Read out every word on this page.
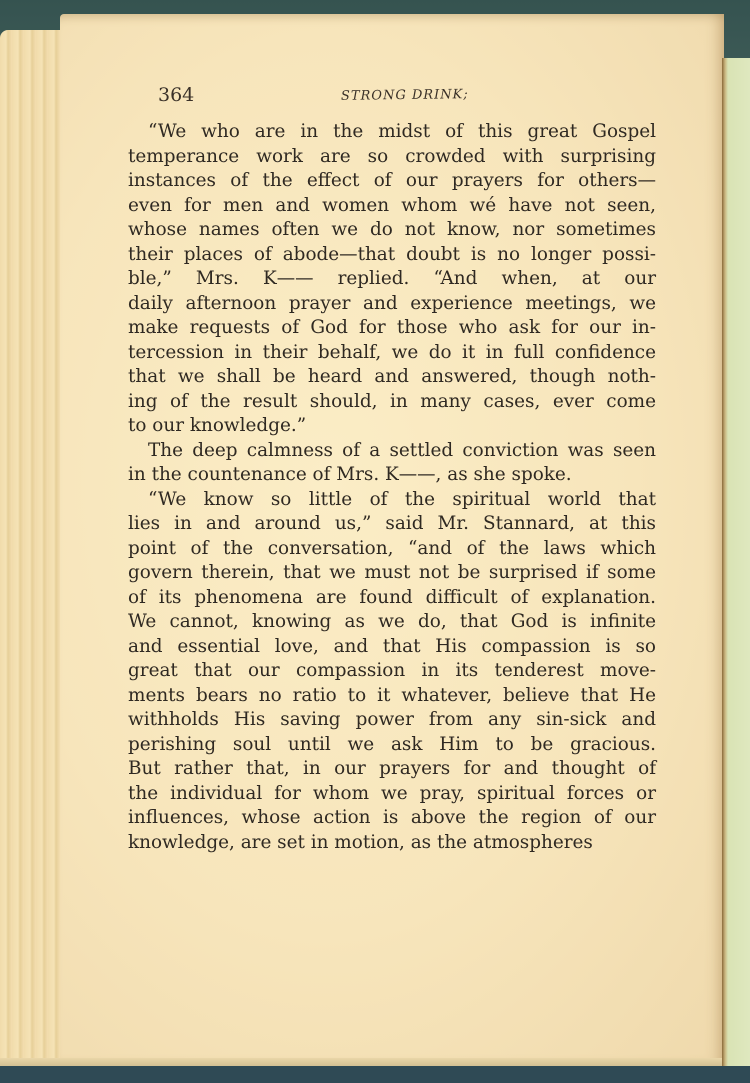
364	STRONG DRINK;
“We who are in the midst of this great Gospel
temperance work are so crowded with surprising
instances of the effect of our prayers for others—
even for men and women whom wé have not seen,
whose names often we do not know, nor sometimes
their places of abode—that doubt is no longer possi-
ble,” Mrs. K—— replied. “And when, at our
daily afternoon prayer and experience meetings, we
make requests of God for those who ask for our in-
tercession in their behalf, we do it in full confidence
that we shall be heard and answered, though noth-
ing of the result should, in many cases, ever come
to our knowledge.”
The deep calmness of a settled conviction was seen
in the countenance of Mrs. K——, as she spoke.
“We know so little of the spiritual world that
lies in and around us,” said Mr. Stannard, at this
point of the conversation, “and of the laws which
govern therein, that we must not be surprised if some
of its phenomena are found difficult of explanation.
We cannot, knowing as we do, that God is infinite
and essential love, and that His compassion is so
great that our compassion in its tenderest move-
ments bears no ratio to it whatever, believe that He
withholds His saving power from any sin-sick and
perishing soul until we ask Him to be gracious.
But rather that, in our prayers for and thought of
the individual for whom we pray, spiritual forces or
influences, whose action is above the region of our
knowledge, are set in motion, as the atmospheres
